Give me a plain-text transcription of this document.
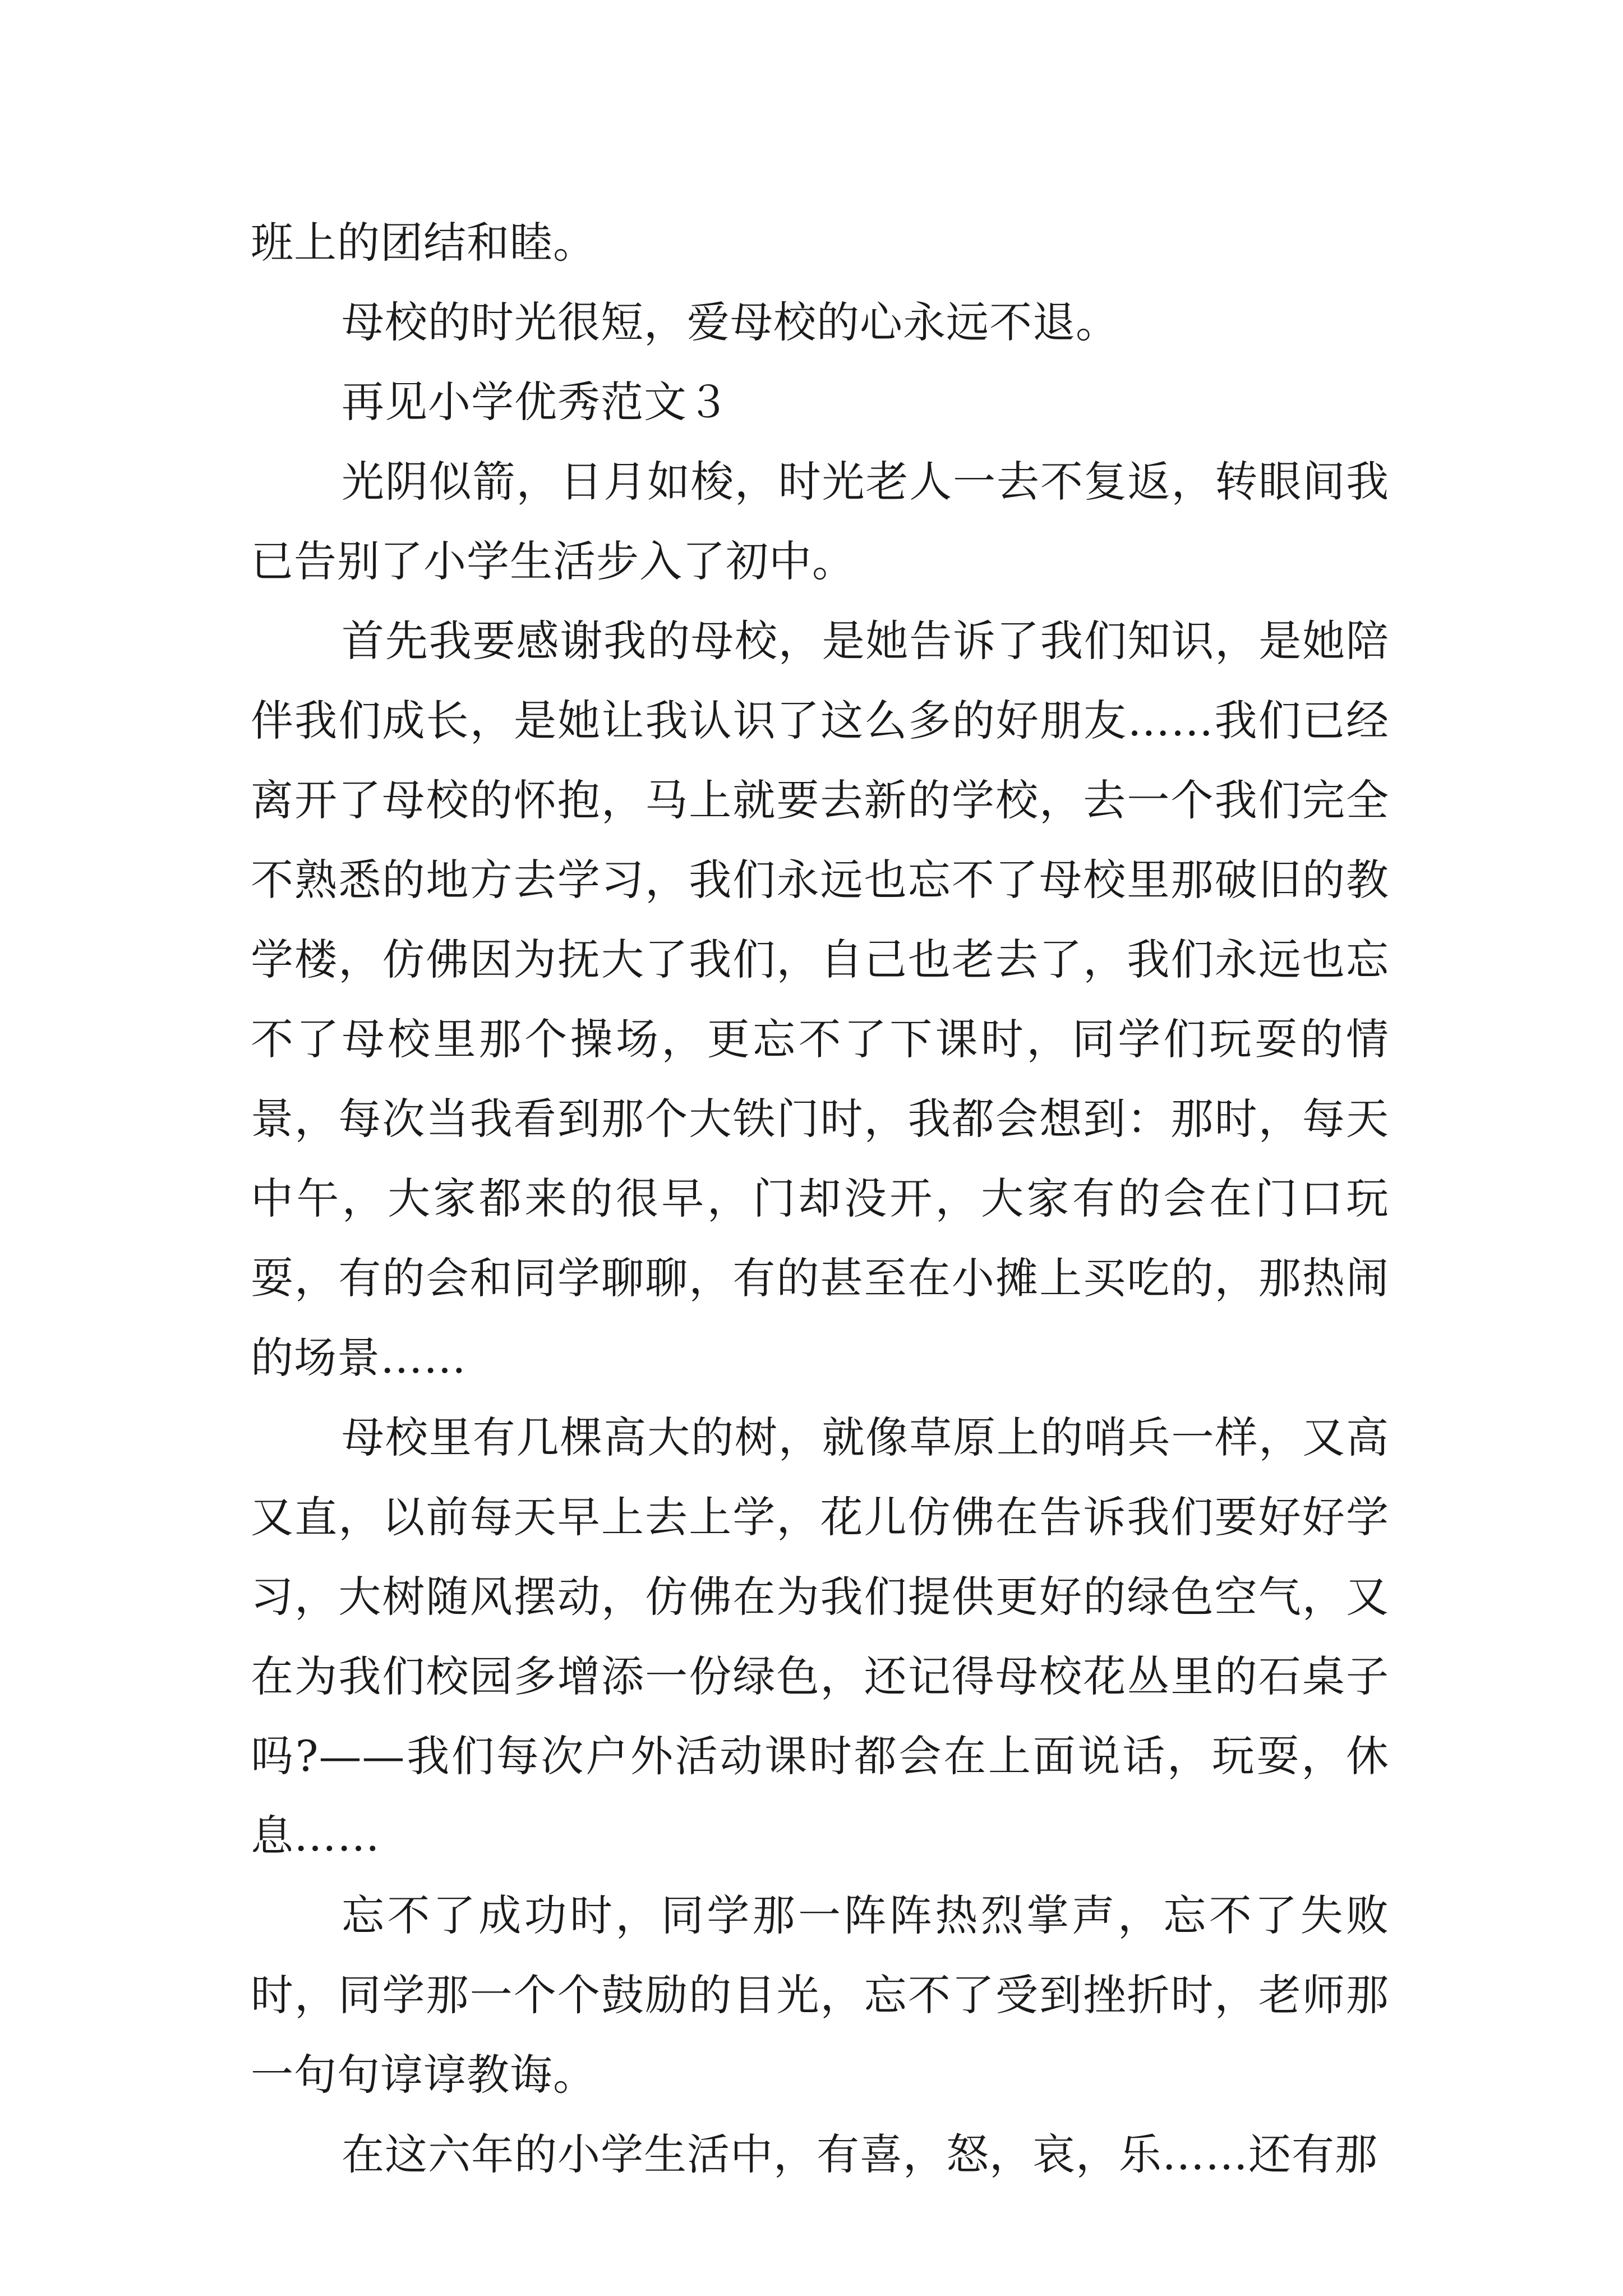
班上的团结和睦。

母校的时光很短，爱母校的心永远不退。

再见小学优秀范文３

光阴似箭，日月如梭，时光老人一去不复返，转眼间我已告别了小学生活步入了初中。

首先我要感谢我的母校，是她告诉了我们知识，是她陪伴我们成长，是她让我认识了这么多的好朋友……我们已经离开了母校的怀抱，马上就要去新的学校，去一个我们完全不熟悉的地方去学习，我们永远也忘不了母校里那破旧的教学楼，仿佛因为抚大了我们，自己也老去了，我们永远也忘不了母校里那个操场，更忘不了下课时，同学们玩耍的情景，每次当我看到那个大铁门时，我都会想到：那时，每天中午，大家都来的很早，门却没开，大家有的会在门口玩耍，有的会和同学聊聊，有的甚至在小摊上买吃的，那热闹的场景……

母校里有几棵高大的树，就像草原上的哨兵一样，又高又直，以前每天早上去上学，花儿仿佛在告诉我们要好好学习，大树随风摆动，仿佛在为我们提供更好的绿色空气，又在为我们校园多增添一份绿色，还记得母校花丛里的石桌子吗?——我们每次户外活动课时都会在上面说话，玩耍，休息……

忘不了成功时，同学那一阵阵热烈掌声，忘不了失败时，同学那一个个鼓励的目光，忘不了受到挫折时，老师那一句句谆谆教诲。

在这六年的小学生活中，有喜，怒，哀，乐……还有那
